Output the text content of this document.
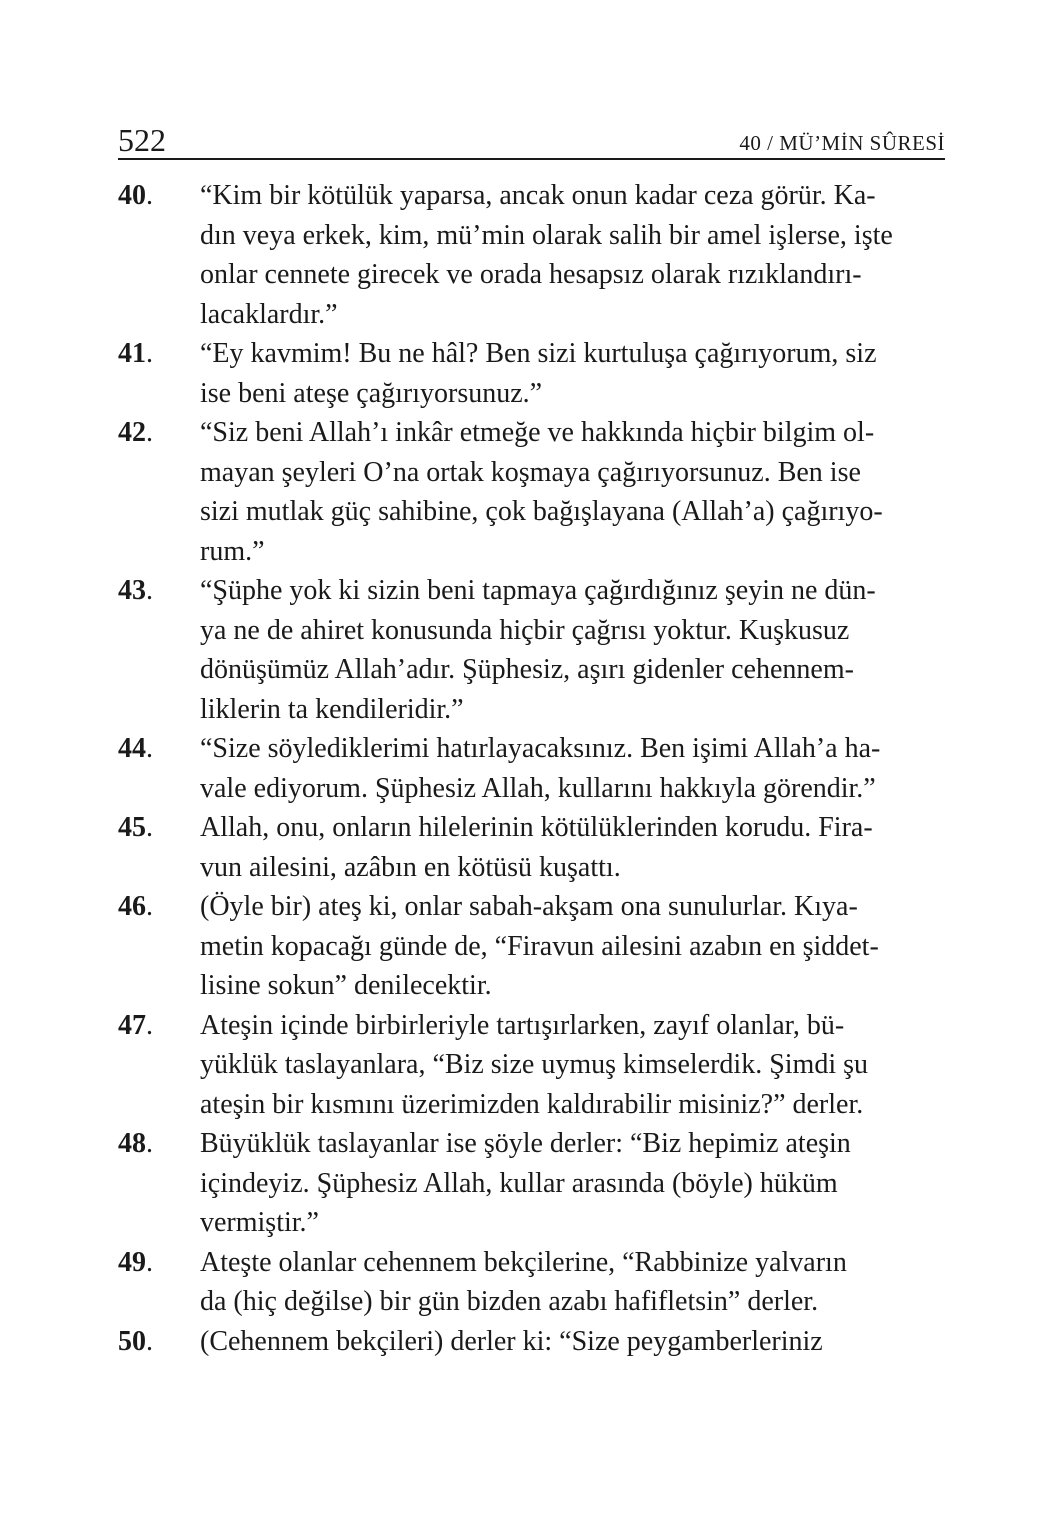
522	40 / MÜ’MİN SÛRESİ
40.	“Kim bir kötülük yaparsa, ancak onun kadar ceza görür. Ka-
dın veya erkek, kim, mü’min olarak salih bir amel işlerse, işte
onlar cennete girecek ve orada hesapsız olarak rızıklandırı-
lacaklardır.”
41.	“Ey kavmim! Bu ne hâl? Ben sizi kurtuluşa çağırıyorum, siz
ise beni ateşe çağırıyorsunuz.”
42.	“Siz beni Allah’ı inkâr etmeğe ve hakkında hiçbir bilgim ol-
mayan şeyleri O’na ortak koşmaya çağırıyorsunuz. Ben ise
sizi mutlak güç sahibine, çok bağışlayana (Allah’a) çağırıyo-
rum.”
43.	“Şüphe yok ki sizin beni tapmaya çağırdığınız şeyin ne dün-
ya ne de ahiret konusunda hiçbir çağrısı yoktur. Kuşkusuz
dönüşümüz Allah’adır. Şüphesiz, aşırı gidenler cehennem-
liklerin ta kendileridir.”
44.	“Size söylediklerimi hatırlayacaksınız. Ben işimi Allah’a ha-
vale ediyorum. Şüphesiz Allah, kullarını hakkıyla görendir.”
45.	Allah, onu, onların hilelerinin kötülüklerinden korudu. Fira-
vun ailesini, azâbın en kötüsü kuşattı.
46.	(Öyle bir) ateş ki, onlar sabah-akşam ona sunulurlar. Kıya-
metin kopacağı günde de, “Firavun ailesini azabın en şiddet-
lisine sokun” denilecektir.
47.	Ateşin içinde birbirleriyle tartışırlarken, zayıf olanlar, bü-
yüklük taslayanlara, “Biz size uymuş kimselerdik. Şimdi şu
ateşin bir kısmını üzerimizden kaldırabilir misiniz?” derler.
48.	Büyüklük taslayanlar ise şöyle derler: “Biz hepimiz ateşin
içindeyiz. Şüphesiz Allah, kullar arasında (böyle) hüküm
vermiştir.”
49.	Ateşte olanlar cehennem bekçilerine, “Rabbinize yalvarın
da (hiç değilse) bir gün bizden azabı hafifletsin” derler.
50.	(Cehennem bekçileri) derler ki: “Size peygamberleriniz
